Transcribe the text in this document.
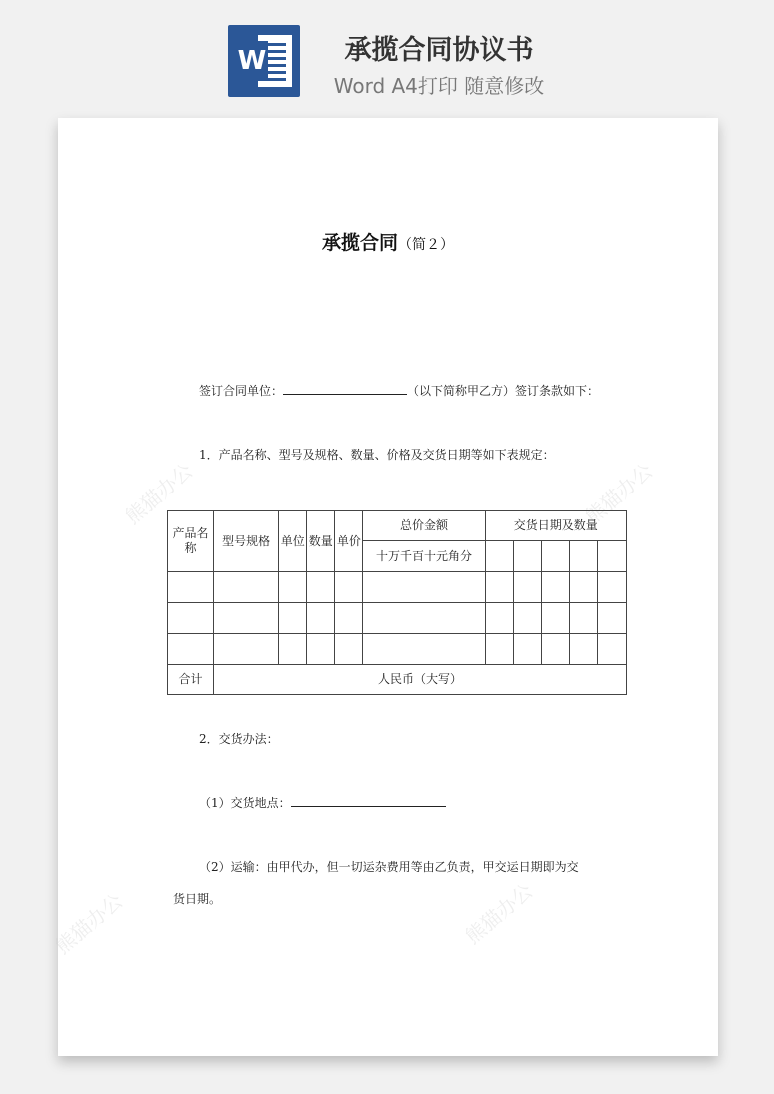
W	承揽合同协议书
Word A4打印 随意修改
熊猫办公	熊猫办公
熊猫办公	熊猫办公
承揽合同（简２）
签订合同单位：	（以下简称甲乙方）签订条款如下：
1．产品名称、型号及规格、数量、价格及交货日期等如下表规定：
产品名称	型号规格	单位	数量	单价	总价金额	交货日期及数量				
					十万千百十元角分					

合计	人民币（大写）									
2．交货办法：
（1）交货地点：
（2）运输：由甲代办，但一切运杂费用等由乙负责，甲交运日期即为交
货日期。
